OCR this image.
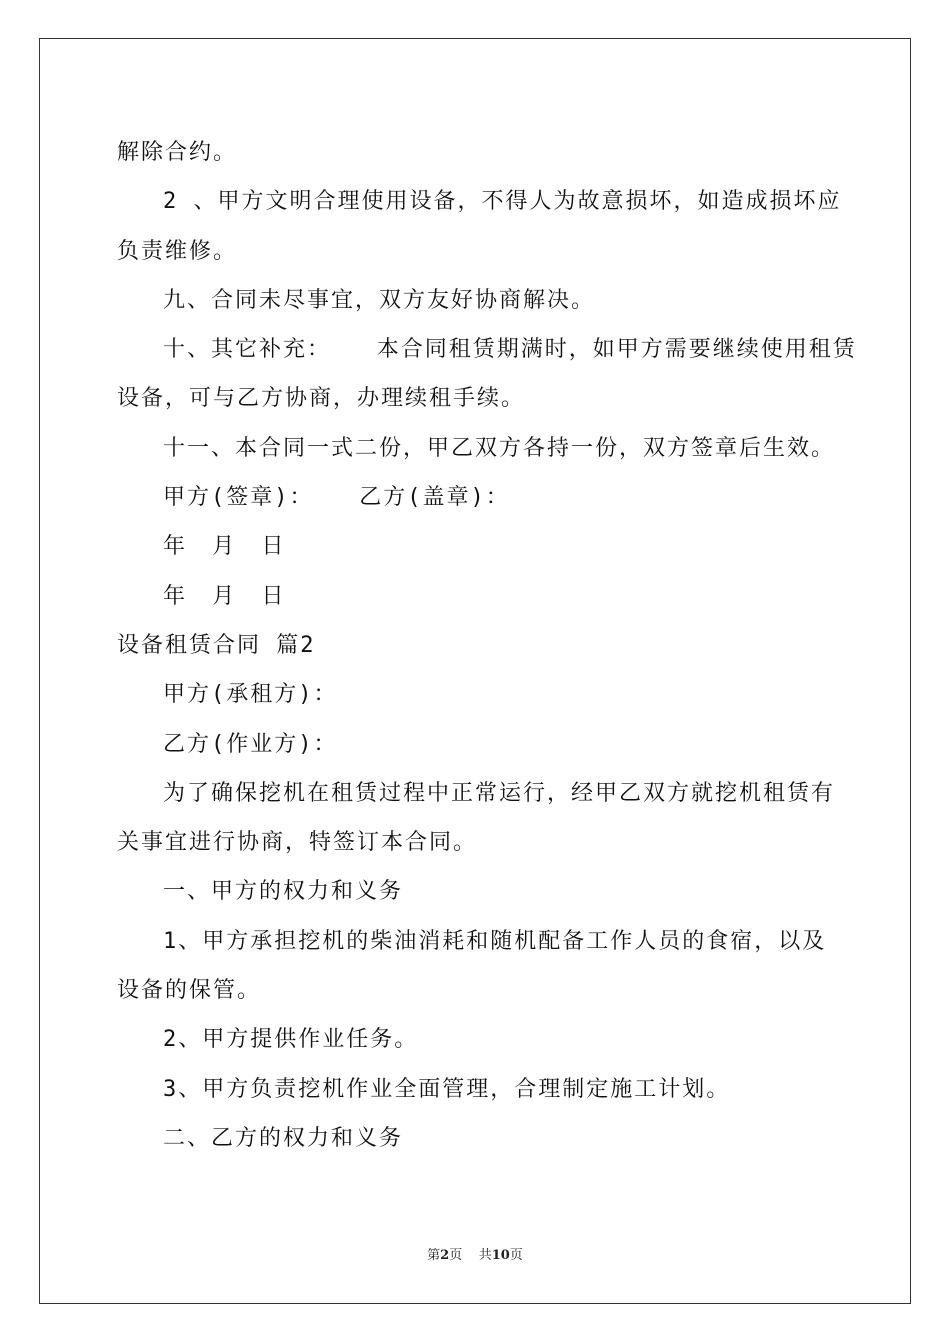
解除合约。
2 、甲方文明合理使用设备，不得人为故意损坏，如造成损坏应
负责维修。
九、合同未尽事宜，双方友好协商解决。
十、其它补充：   本合同租赁期满时，如甲方需要继续使用租赁
设备，可与乙方协商，办理续租手续。
十一、本合同一式二份，甲乙双方各持一份，双方签章后生效。
甲方(签章)：   乙方(盖章)：
年 月 日
年 月 日
设备租赁合同 篇2
甲方(承租方)：
乙方(作业方)：
为了确保挖机在租赁过程中正常运行，经甲乙双方就挖机租赁有
关事宜进行协商，特签订本合同。
一、甲方的权力和义务
1、甲方承担挖机的柴油消耗和随机配备工作人员的食宿，以及
设备的保管。
2、甲方提供作业任务。
3、甲方负责挖机作业全面管理，合理制定施工计划。
二、乙方的权力和义务
第2页 共10页
